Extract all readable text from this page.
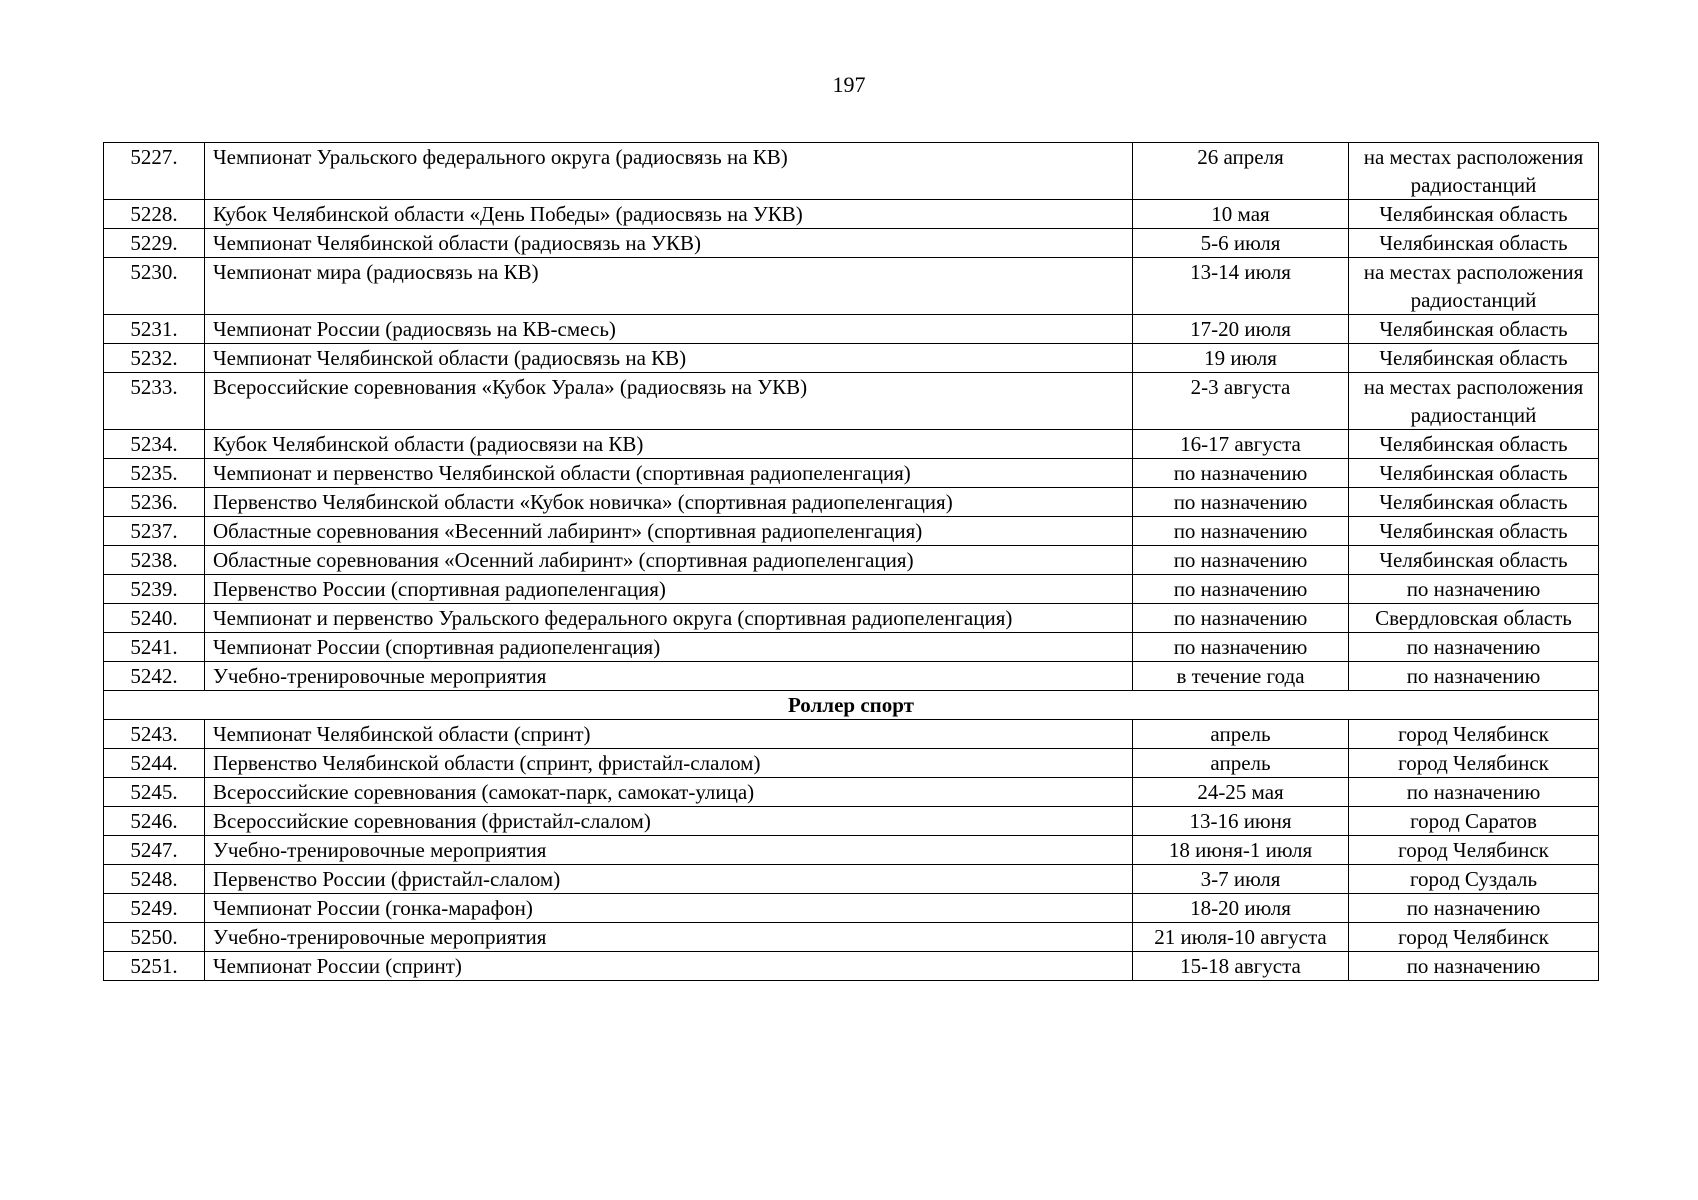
197
5227.	Чемпионат Уральского федерального округа (радиосвязь на КВ)	26 апреля	на местах расположения радиостанций
5228.	Кубок Челябинской области «День Победы» (радиосвязь на УКВ)	10 мая	Челябинская область
5229.	Чемпионат Челябинской области (радиосвязь на УКВ)	5-6 июля	Челябинская область
5230.	Чемпионат мира (радиосвязь на КВ)	13-14 июля	на местах расположения радиостанций
5231.	Чемпионат России (радиосвязь на КВ-смесь)	17-20 июля	Челябинская область
5232.	Чемпионат Челябинской области (радиосвязь на КВ)	19 июля	Челябинская область
5233.	Всероссийские соревнования «Кубок Урала» (радиосвязь на УКВ)	2-3 августа	на местах расположения радиостанций
5234.	Кубок Челябинской области (радиосвязи на КВ)	16-17 августа	Челябинская область
5235.	Чемпионат и первенство Челябинской области (спортивная радиопеленгация)	по назначению	Челябинская область
5236.	Первенство Челябинской области «Кубок новичка» (спортивная радиопеленгация)	по назначению	Челябинская область
5237.	Областные соревнования «Весенний лабиринт» (спортивная радиопеленгация)	по назначению	Челябинская область
5238.	Областные соревнования «Осенний лабиринт» (спортивная радиопеленгация)	по назначению	Челябинская область
5239.	Первенство России (спортивная радиопеленгация)	по назначению	по назначению
5240.	Чемпионат и первенство Уральского федерального округа (спортивная радиопеленгация)	по назначению	Свердловская область
5241.	Чемпионат России (спортивная радиопеленгация)	по назначению	по назначению
5242.	Учебно-тренировочные мероприятия	в течение года	по назначению
Роллер спорт			
5243.	Чемпионат Челябинской области (спринт)	апрель	город Челябинск
5244.	Первенство Челябинской области (спринт, фристайл-слалом)	апрель	город Челябинск
5245.	Всероссийские соревнования (самокат-парк, самокат-улица)	24-25 мая	по назначению
5246.	Всероссийские соревнования (фристайл-слалом)	13-16 июня	город Саратов
5247.	Учебно-тренировочные мероприятия	18 июня-1 июля	город Челябинск
5248.	Первенство России (фристайл-слалом)	3-7 июля	город Суздаль
5249.	Чемпионат России (гонка-марафон)	18-20 июля	по назначению
5250.	Учебно-тренировочные мероприятия	21 июля-10 августа	город Челябинск
5251.	Чемпионат России (спринт)	15-18 августа	по назначению
